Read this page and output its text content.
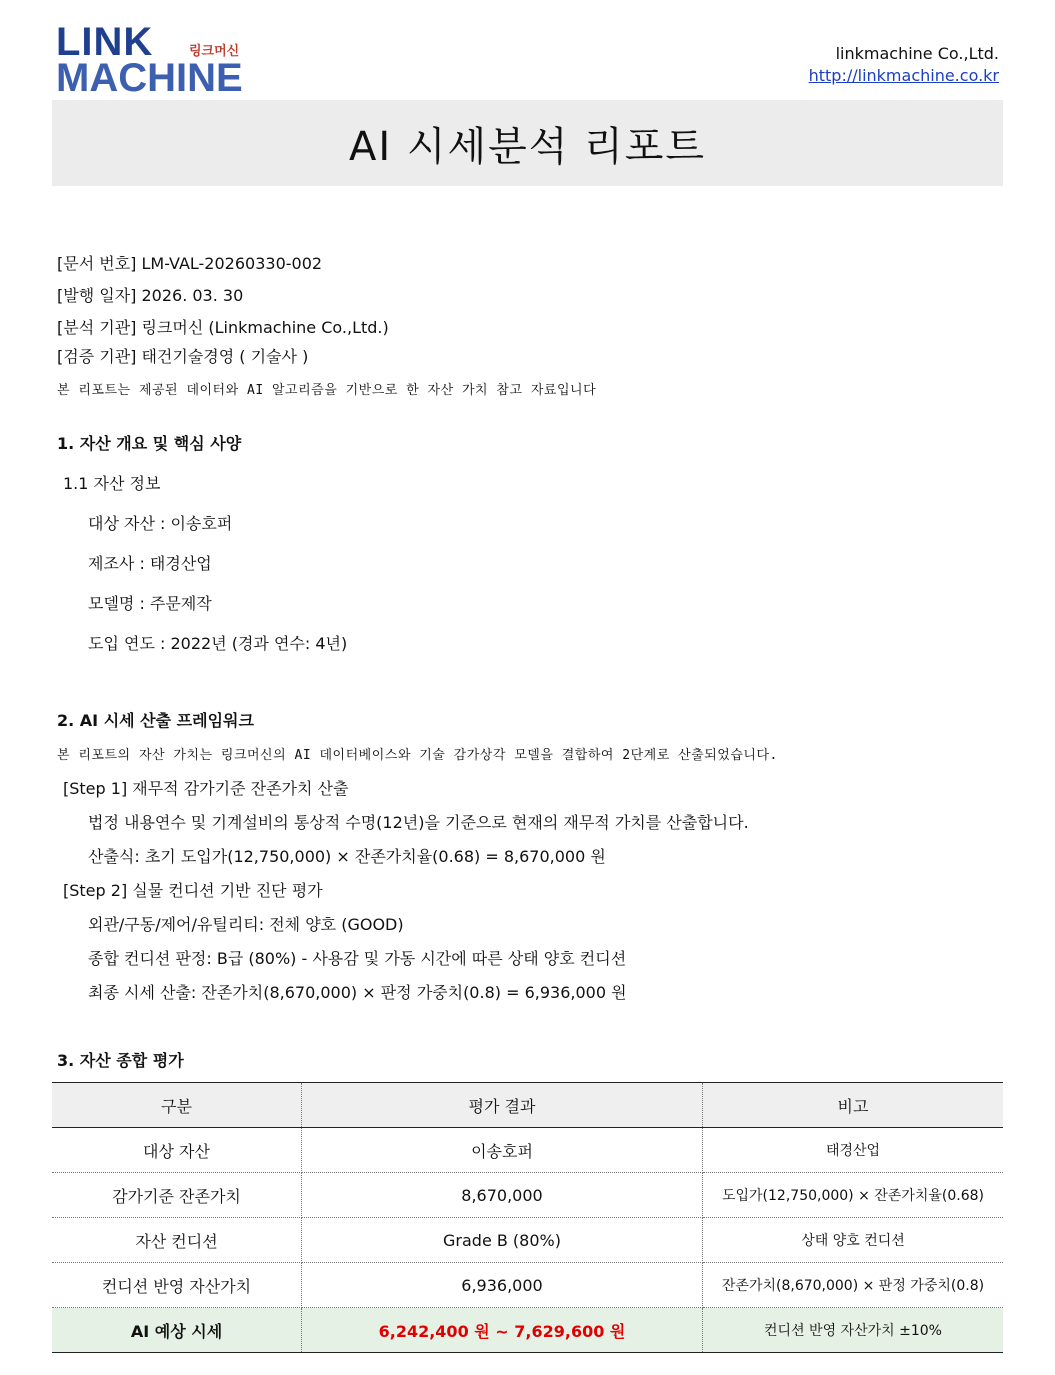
LINK
MACHINE
링크머신	linkmachine Co.,Ltd.
http://linkmachine.co.kr
AI 시세분석 리포트
[문서 번호] LM-VAL-20260330-002
[발행 일자] 2026. 03. 30
[분석 기관] 링크머신 (Linkmachine Co.,Ltd.)
[검증 기관] 태건기술경영 ( 기술사 )
본 리포트는 제공된 데이터와 AI 알고리즘을 기반으로 한 자산 가치 참고 자료입니다
1. 자산 개요 및 핵심 사양
1.1 자산 정보
대상 자산 : 이송호퍼
제조사 : 태경산업
모델명 : 주문제작
도입 연도 : 2022년 (경과 연수: 4년)
2. AI 시세 산출 프레임워크
본 리포트의 자산 가치는 링크머신의 AI 데이터베이스와 기술 감가상각 모델을 결합하여 2단계로 산출되었습니다.
[Step 1] 재무적 감가기준 잔존가치 산출
법정 내용연수 및 기계설비의 통상적 수명(12년)을 기준으로 현재의 재무적 가치를 산출합니다.
산출식: 초기 도입가(12,750,000) × 잔존가치율(0.68) = 8,670,000 원
[Step 2] 실물 컨디션 기반 진단 평가
외관/구동/제어/유틸리티: 전체 양호 (GOOD)
종합 컨디션 판정: B급 (80%) - 사용감 및 가동 시간에 따른 상태 양호 컨디션
최종 시세 산출: 잔존가치(8,670,000) × 판정 가중치(0.8) = 6,936,000 원
3. 자산 종합 평가
구분	평가 결과	비고
대상 자산	이송호퍼	태경산업
감가기준 잔존가치	8,670,000	도입가(12,750,000) × 잔존가치율(0.68)
자산 컨디션	Grade B (80%)	상태 양호 컨디션
컨디션 반영 자산가치	6,936,000	잔존가치(8,670,000) × 판정 가중치(0.8)
AI 예상 시세	6,242,400 원 ~ 7,629,600 원	컨디션 반영 자산가치 ±10%
